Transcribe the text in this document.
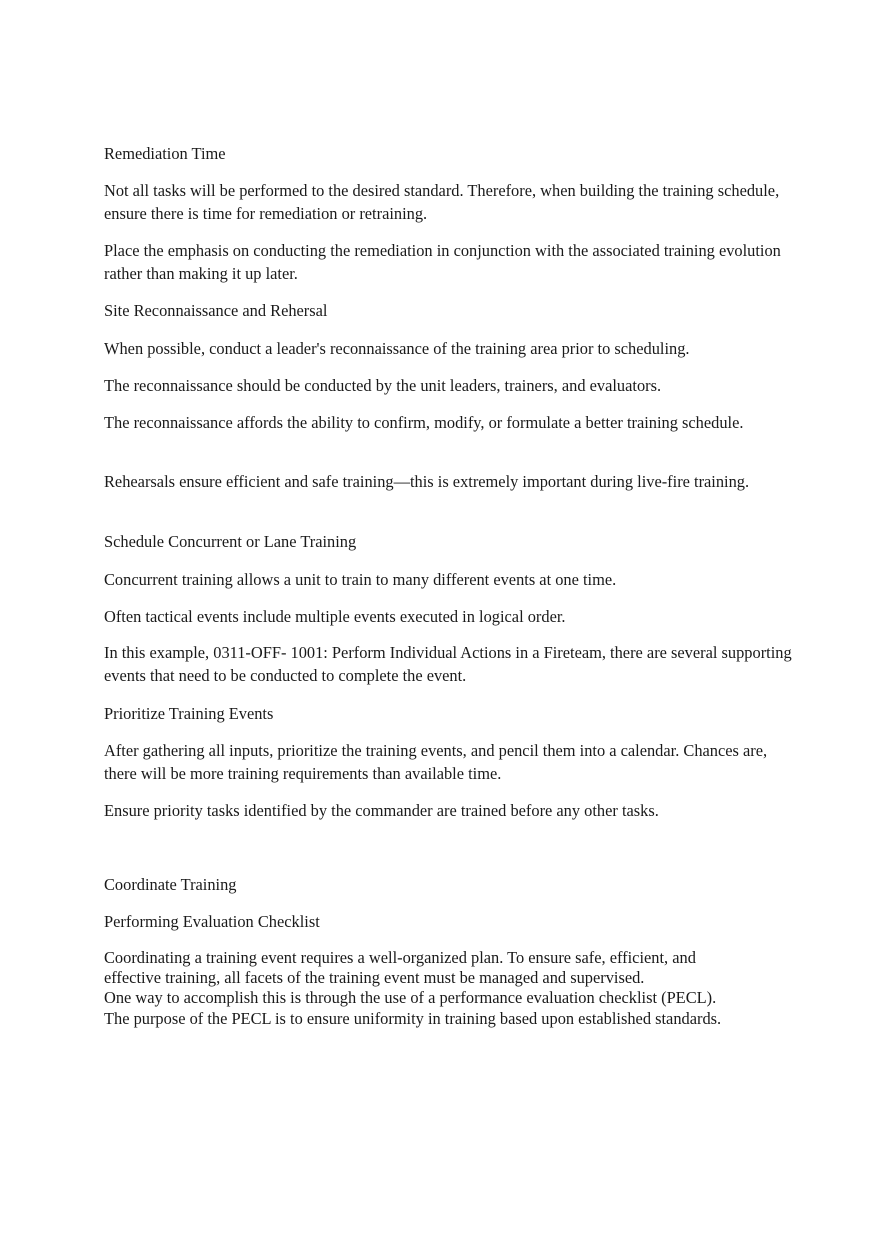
Remediation Time

Not all tasks will be performed to the desired standard. Therefore, when building the training schedule, ensure there is time for remediation or retraining.

Place the emphasis on conducting the remediation in conjunction with the associated training evolution rather than making it up later.

Site Reconnaissance and Rehersal

When possible, conduct a leader's reconnaissance of the training area prior to scheduling.

The reconnaissance should be conducted by the unit leaders, trainers, and evaluators.

The reconnaissance affords the ability to confirm, modify, or formulate a better training schedule.

Rehearsals ensure efficient and safe training—this is extremely important during live-fire training.

Schedule Concurrent or Lane Training

Concurrent training allows a unit to train to many different events at one time.

Often tactical events include multiple events executed in logical order.

In this example, 0311-OFF- 1001: Perform Individual Actions in a Fireteam, there are several supporting events that need to be conducted to complete the event.

Prioritize Training Events

After gathering all inputs, prioritize the training events, and pencil them into a calendar. Chances are, there will be more training requirements than available time.

Ensure priority tasks identified by the commander are trained before any other tasks.

Coordinate Training

Performing Evaluation Checklist

Coordinating a training event requires a well-organized plan. To ensure safe, efficient, and

effective training, all facets of the training event must be managed and supervised.

One way to accomplish this is through the use of a performance evaluation checklist (PECL).

The purpose of the PECL is to ensure uniformity in training based upon established standards.
